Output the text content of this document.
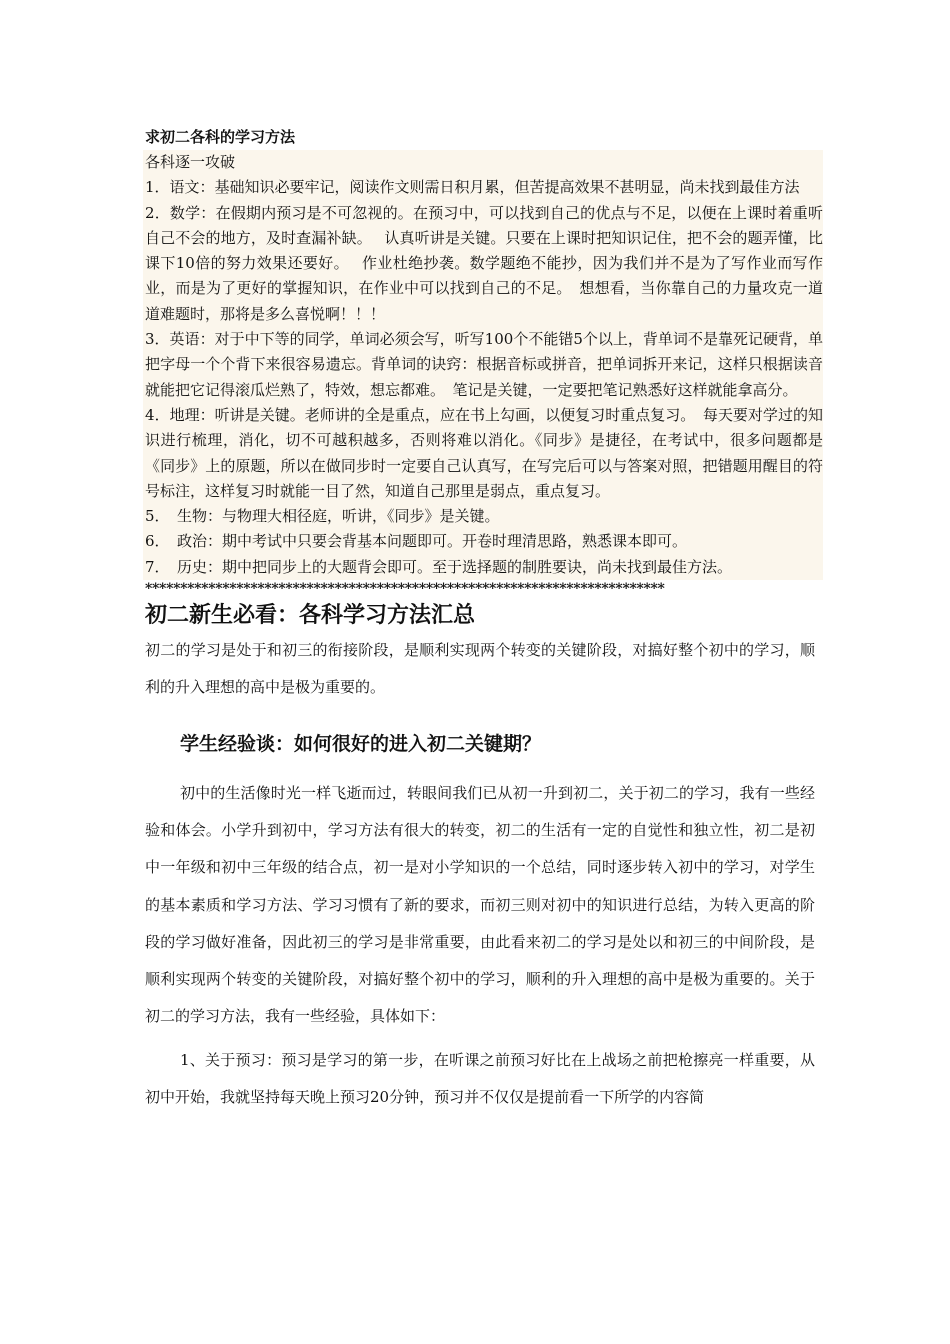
求初二各科的学习方法
各科逐一攻破
1．语文：基础知识必要牢记，阅读作文则需日积月累，但苦提高效果不甚明显，尚未找到最佳方法
2．数学：在假期内预习是不可忽视的。在预习中，可以找到自己的优点与不足，以便在上课时着重听自己不会的地方，及时查漏补缺。　 认真听讲是关键。只要在上课时把知识记住，把不会的题弄懂，比课下10倍的努力效果还要好。　 作业杜绝抄袭。数学题绝不能抄，因为我们并不是为了写作业而写作业，而是为了更好的掌握知识，在作业中可以找到自己的不足。　想想看，当你靠自己的力量攻克一道道难题时，那将是多么喜悦啊！！！
3．英语：对于中下等的同学，单词必须会写，听写100个不能错5个以上，背单词不是靠死记硬背，单把字母一个个背下来很容易遗忘。背单词的诀窍：根据音标或拼音，把单词拆开来记，这样只根据读音就能把它记得滚瓜烂熟了，特效，想忘都难。　笔记是关键，一定要把笔记熟悉好这样就能拿高分。
4．地理：听讲是关键。老师讲的全是重点，应在书上勾画，以便复习时重点复习。　每天要对学过的知识进行梳理，消化，切不可越积越多，否则将难以消化。《同步》是捷径，在考试中，很多问题都是《同步》上的原题，所以在做同步时一定要自己认真写，在写完后可以与答案对照，把错题用醒目的符号标注，这样复习时就能一目了然，知道自己那里是弱点，重点复习。
5．　生物：与物理大相径庭，听讲，《同步》是关键。
6．　政治：期中考试中只要会背基本问题即可。开卷时理清思路，熟悉课本即可。
7．　历史：期中把同步上的大题背会即可。至于选择题的制胜要诀，尚未找到最佳方法。
**************************************************************************
初二新生必看：各科学习方法汇总
初二的学习是处于和初三的衔接阶段，是顺利实现两个转变的关键阶段，对搞好整个初中的学习，顺利的升入理想的高中是极为重要的。
学生经验谈：如何很好的进入初二关键期？
初中的生活像时光一样飞逝而过，转眼间我们已从初一升到初二，关于初二的学习，我有一些经验和体会。小学升到初中，学习方法有很大的转变，初二的生活有一定的自觉性和独立性，初二是初中一年级和初中三年级的结合点，初一是对小学知识的一个总结，同时逐步转入初中的学习，对学生的基本素质和学习方法、学习习惯有了新的要求，而初三则对初中的知识进行总结，为转入更高的阶段的学习做好准备，因此初三的学习是非常重要，由此看来初二的学习是处以和初三的中间阶段，是顺利实现两个转变的关键阶段，对搞好整个初中的学习，顺利的升入理想的高中是极为重要的。关于初二的学习方法，我有一些经验，具体如下：
1、关于预习：预习是学习的第一步，在听课之前预习好比在上战场之前把枪擦亮一样重要，从初中开始，我就坚持每天晚上预习20分钟，预习并不仅仅是提前看一下所学的内容简
